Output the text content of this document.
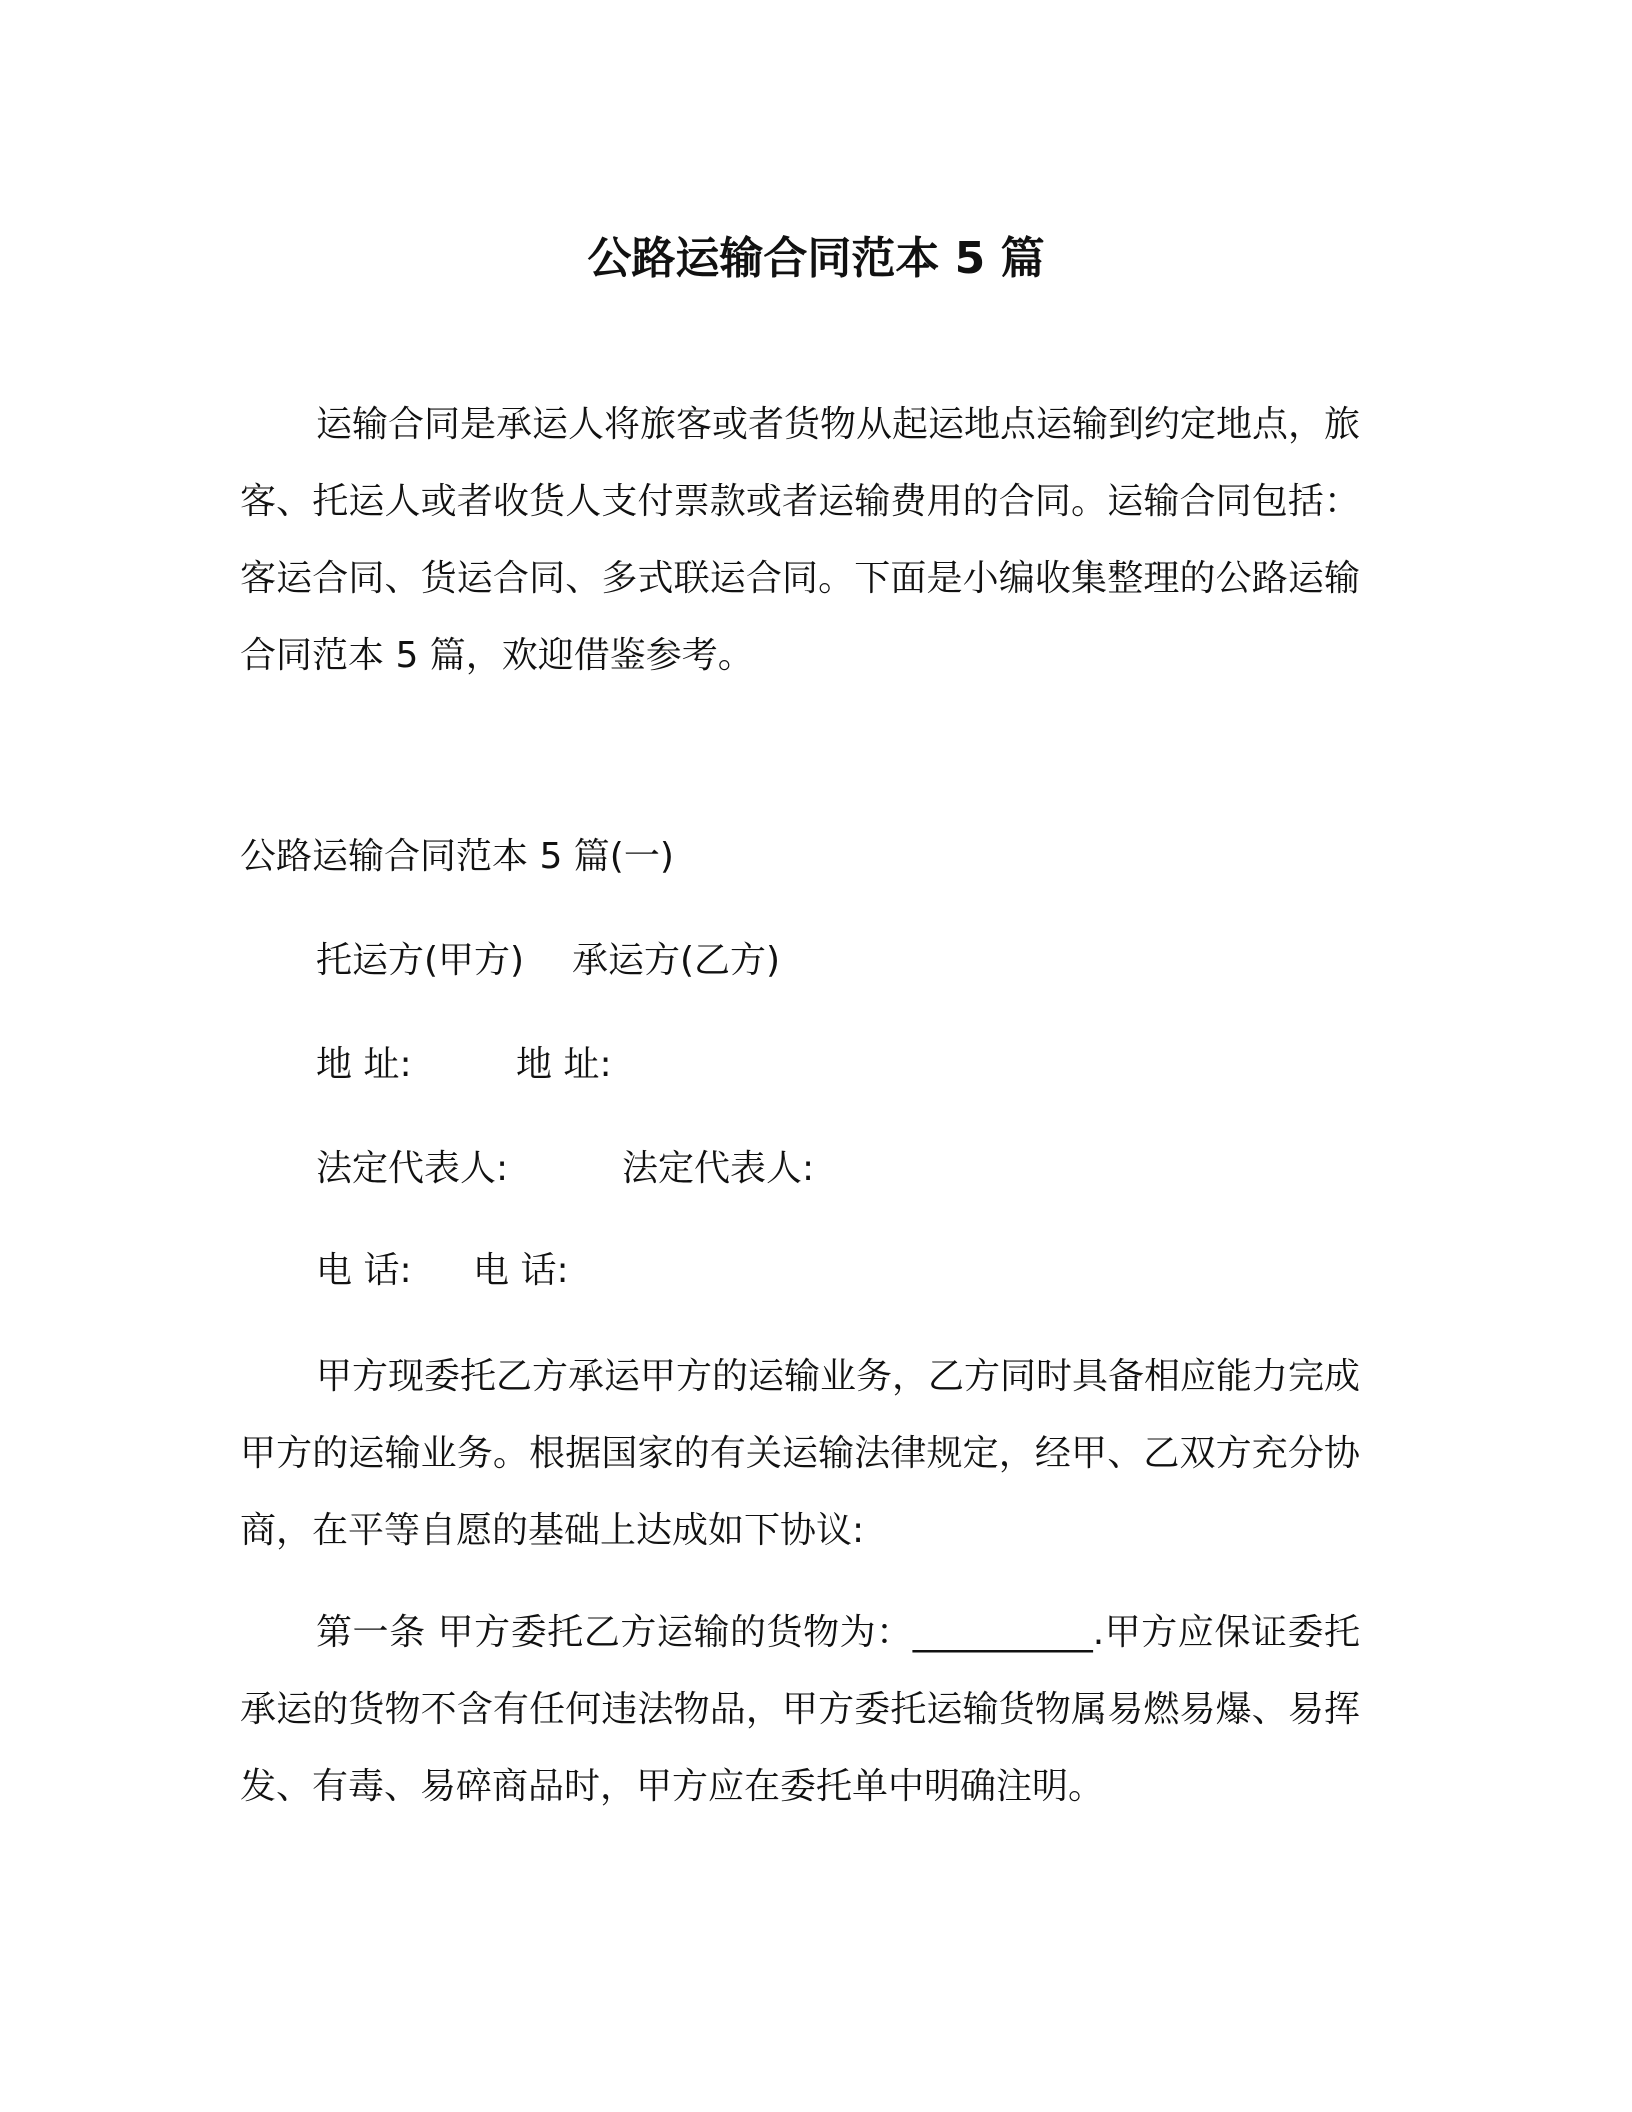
公路运输合同范本 5 篇

运输合同是承运人将旅客或者货物从起运地点运输到约定地点，旅客、托运人或者收货人支付票款或者运输费用的合同。运输合同包括：客运合同、货运合同、多式联运合同。下面是小编收集整理的公路运输合同范本 5 篇，欢迎借鉴参考。

公路运输合同范本 5 篇(一)

托运方(甲方) 承运方(乙方)

地 址:	地 址:

法定代表人:	法定代表人:

电 话: 电 话:

甲方现委托乙方承运甲方的运输业务，乙方同时具备相应能力完成甲方的运输业务。根据国家的有关运输法律规定，经甲、乙双方充分协商，在平等自愿的基础上达成如下协议:

第一条 甲方委托乙方运输的货物为：__________.甲方应保证委托承运的货物不含有任何违法物品，甲方委托运输货物属易燃易爆、易挥发、有毒、易碎商品时，甲方应在委托单中明确注明。
